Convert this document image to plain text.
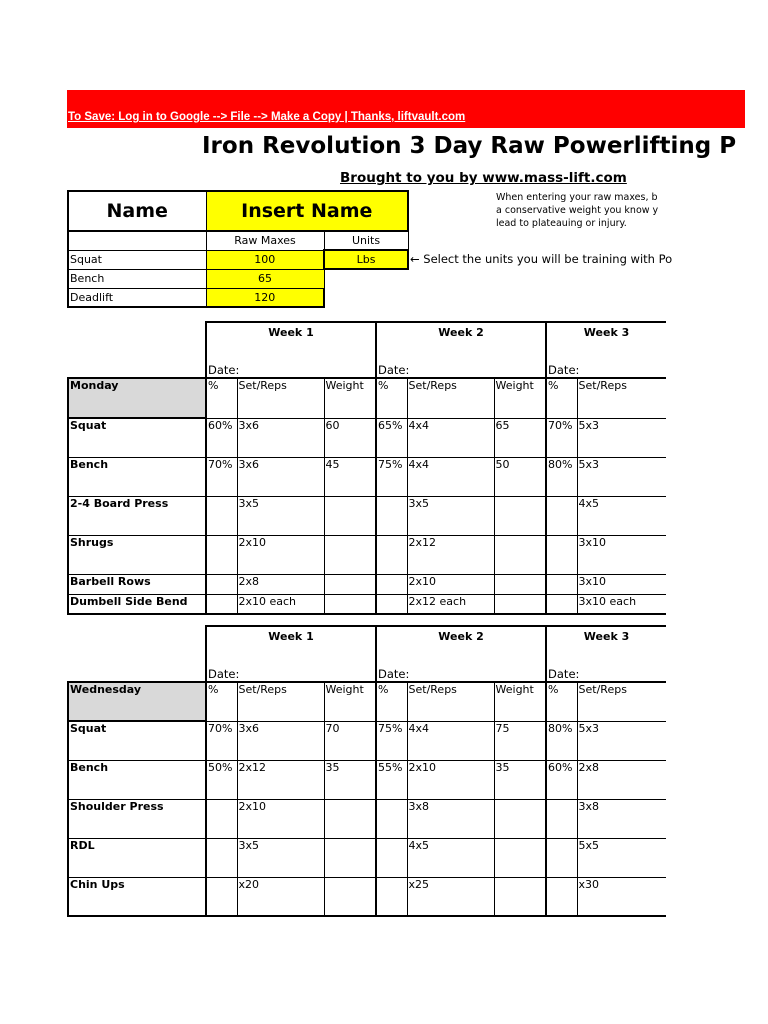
To Save: Log in to Google --> File --> Make a Copy | Thanks, liftvault.com
Iron Revolution 3 Day Raw Powerlifting P
Brought to you by www.mass-lift.com
Name	Insert Name	
	Raw Maxes	Units
Squat	100	Lbs
Bench	65	
Deadlift	120	
When entering your raw maxes, b
a conservative weight you know y
lead to plateauing or injury.
← Select the units you will be training with Po
	Week 1			Week 2			Week 3	
	Date:			Date:			Date:	
Monday	%	Set/Reps	Weight	%	Set/Reps	Weight	%	Set/Reps
Squat	60%	3x6	60	65%	4x4	65	70%	5x3
Bench	70%	3x6	45	75%	4x4	50	80%	5x3
2-4 Board Press		3x5			3x5			4x5
Shrugs		2x10			2x12			3x10
Barbell Rows		2x8			2x10			3x10
Dumbell Side Bend		2x10 each			2x12 each			3x10 each
	Week 1			Week 2			Week 3	
	Date:			Date:			Date:	
Wednesday	%	Set/Reps	Weight	%	Set/Reps	Weight	%	Set/Reps
Squat	70%	3x6	70	75%	4x4	75	80%	5x3
Bench	50%	2x12	35	55%	2x10	35	60%	2x8
Shoulder Press		2x10			3x8			3x8
RDL		3x5			4x5			5x5
Chin Ups		x20			x25			x30
